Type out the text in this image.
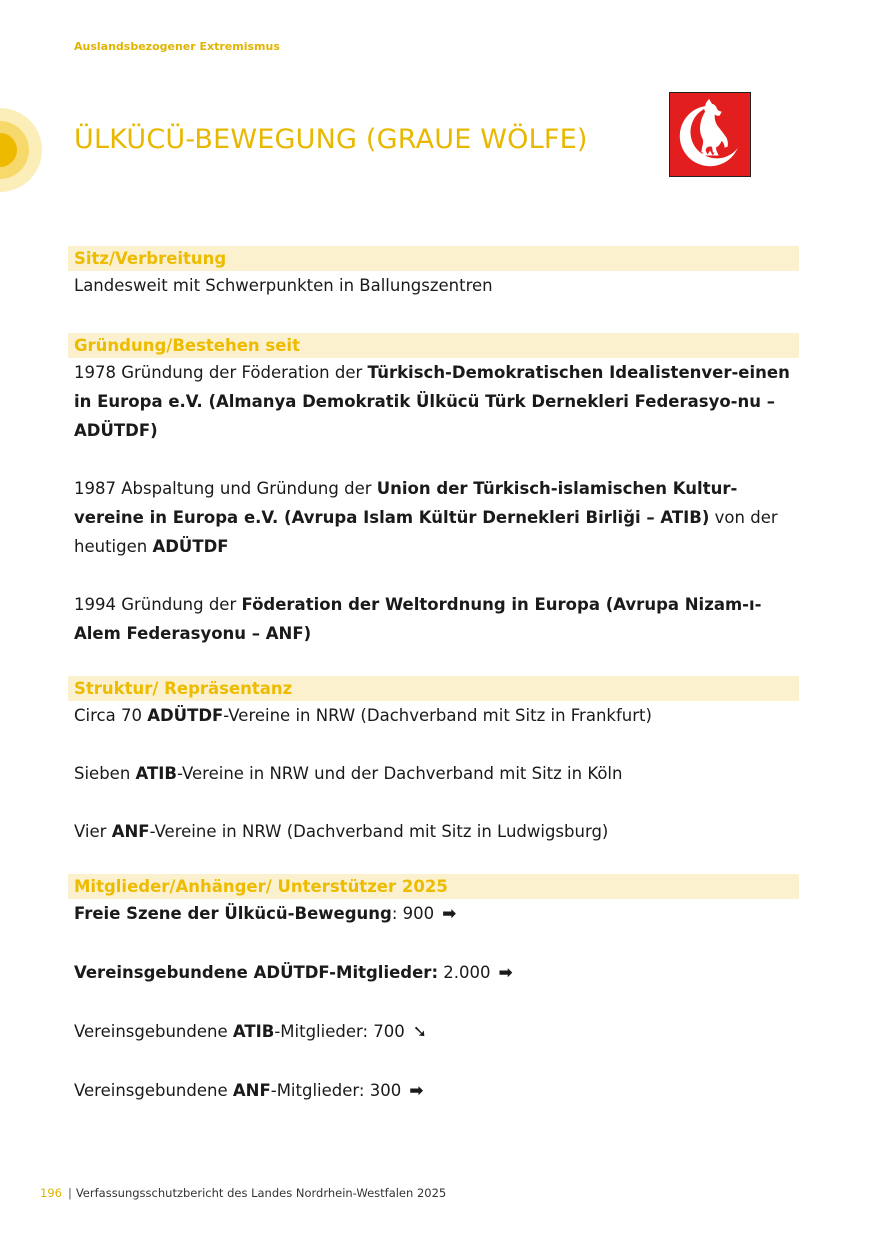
Auslandsbezogener Extremismus
ÜLKÜCÜ-BEWEGUNG (GRAUE WÖLFE)
Sitz/Verbreitung

Landesweit mit Schwerpunkten in Ballungszentren

Gründung/Bestehen seit

1978 Gründung der Föderation der Türkisch-Demokratischen Idealistenver-einen in Europa e.V. (Almanya Demokratik Ülkücü Türk Dernekleri Federasyo-nu – ADÜTDF)

1987 Abspaltung und Gründung der Union der Türkisch-islamischen Kultur-vereine in Europa e.V. (Avrupa Islam Kültür Dernekleri Birliği – ATIB) von der heutigen ADÜTDF

1994 Gründung der Föderation der Weltordnung in Europa (Avrupa Nizam-ı-Alem Federasyonu – ANF)

Struktur/ Repräsentanz

Circa 70 ADÜTDF-Vereine in NRW (Dachverband mit Sitz in Frankfurt)

Sieben ATIB-Vereine in NRW und der Dachverband mit Sitz in Köln

Vier ANF-Vereine in NRW (Dachverband mit Sitz in Ludwigsburg)

Mitglieder/Anhänger/ Unterstützer 2025

Freie Szene der Ülkücü-Bewegung: 900 ➡

Vereinsgebundene ADÜTDF-Mitglieder: 2.000 ➡

Vereinsgebundene ATIB-Mitglieder: 700 ➘

Vereinsgebundene ANF-Mitglieder: 300 ➡

196 | Verfassungsschutzbericht des Landes Nordrhein-Westfalen 2025
